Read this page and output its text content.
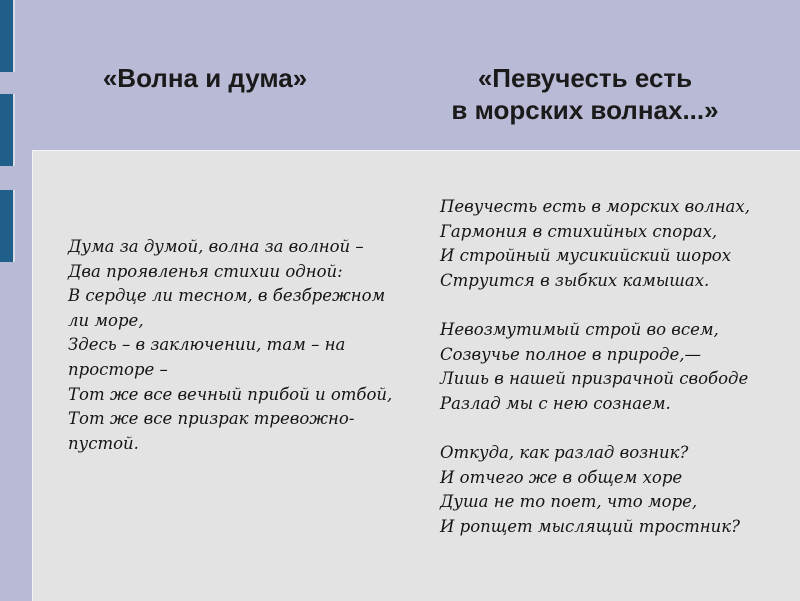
«Волна и дума»	«Певучесть есть
в морских волнах...»
Дума за думой, волна за волной –
Два проявленья стихии одной:
В сердце ли тесном, в безбрежном
ли море,
Здесь – в заключении, там – на
просторе –
Тот же все вечный прибой и отбой,
Тот же все призрак тревожно-
пустой.
Певучесть есть в морских волнах,
Гармония в стихийных спорах,
И стройный мусикийский шорох
Струится в зыбких камышах.
Невозмутимый строй во всем,
Созвучье полное в природе,—
Лишь в нашей призрачной свободе
Разлад мы с нею сознаем.
Откуда, как разлад возник?
И отчего же в общем хоре
Душа не то поет, что море,
И ропщет мыслящий тростник?
